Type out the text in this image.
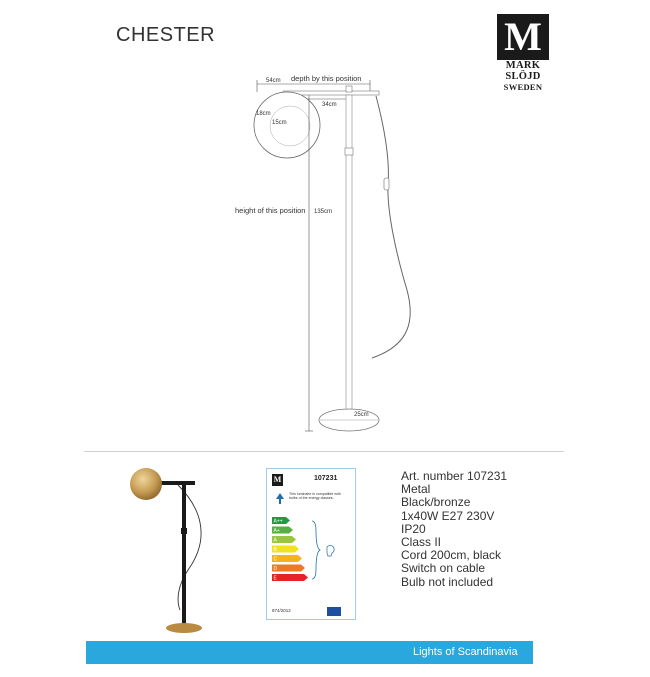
CHESTER	M
MARK
SLÖJD
SWEDEN
54cm depth by this position
34cm
18cm
15cm
135cm
height of this position
25cm
M	107231
This luminaire is compatible with bulbs of the energy classes:
A++
A+
A
B
C
D
E
874/2012
Art. number 107231
Metal
Black/bronze
1x40W E27 230V
IP20
Class II
Cord 200cm, black
Switch on cable
Bulb not included
Lights of Scandinavia
